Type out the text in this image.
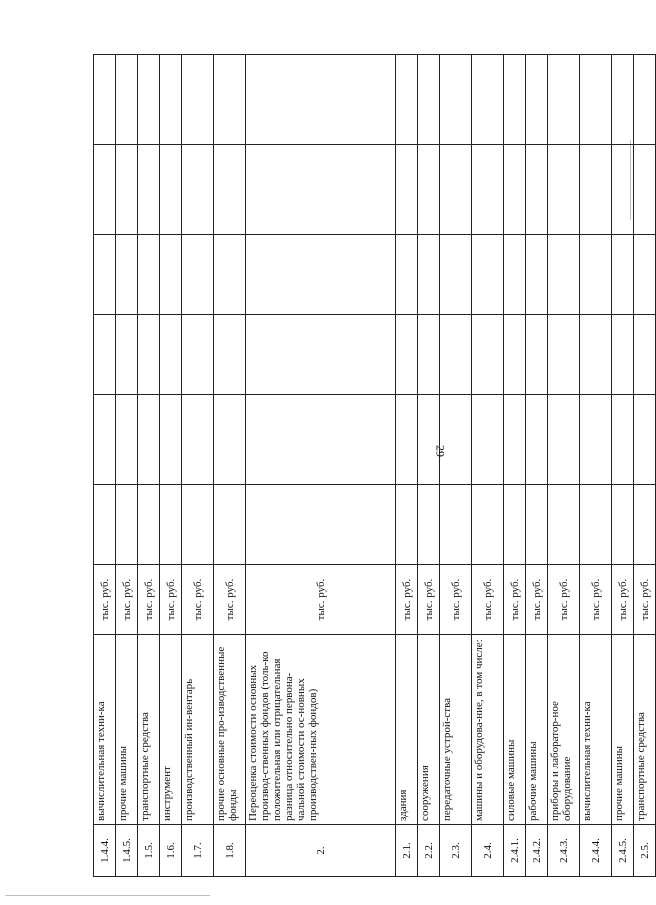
29
1.4.4.	вычислительная техни-ка	тыс. руб.						
1.4.5.	прочие машины	тыс. руб.						
1.5.	транспортные средства	тыс. руб.						
1.6.	инструмент	тыс. руб.						
1.7.	производственный ин-вентарь	тыс. руб.						
1.8.	прочие основные про-изводственные фонды	тыс. руб.						
2.	Переоценка стоимости основных производ-ственных фондов (толь-ко положительная или отрицательная разница относительно первона-чальной стоимости ос-новных производствен-ных фондов)	тыс. руб.						
2.1.	здания	тыс. руб.						
2.2.	сооружения	тыс. руб.						
2.3.	передаточные устрой-ства	тыс. руб.						
2.4.	машины и оборудова-ние, в том числе:	тыс. руб.						
2.4.1.	силовые машины	тыс. руб.						
2.4.2.	рабочие машины	тыс. руб.						
2.4.3.	приборы и лаборатор-ное оборудование	тыс. руб.						
2.4.4.	вычислительная техни-ка	тыс. руб.						
2.4.5.	прочие машины	тыс. руб.						
2.5.	транспортные средства	тыс. руб.						
